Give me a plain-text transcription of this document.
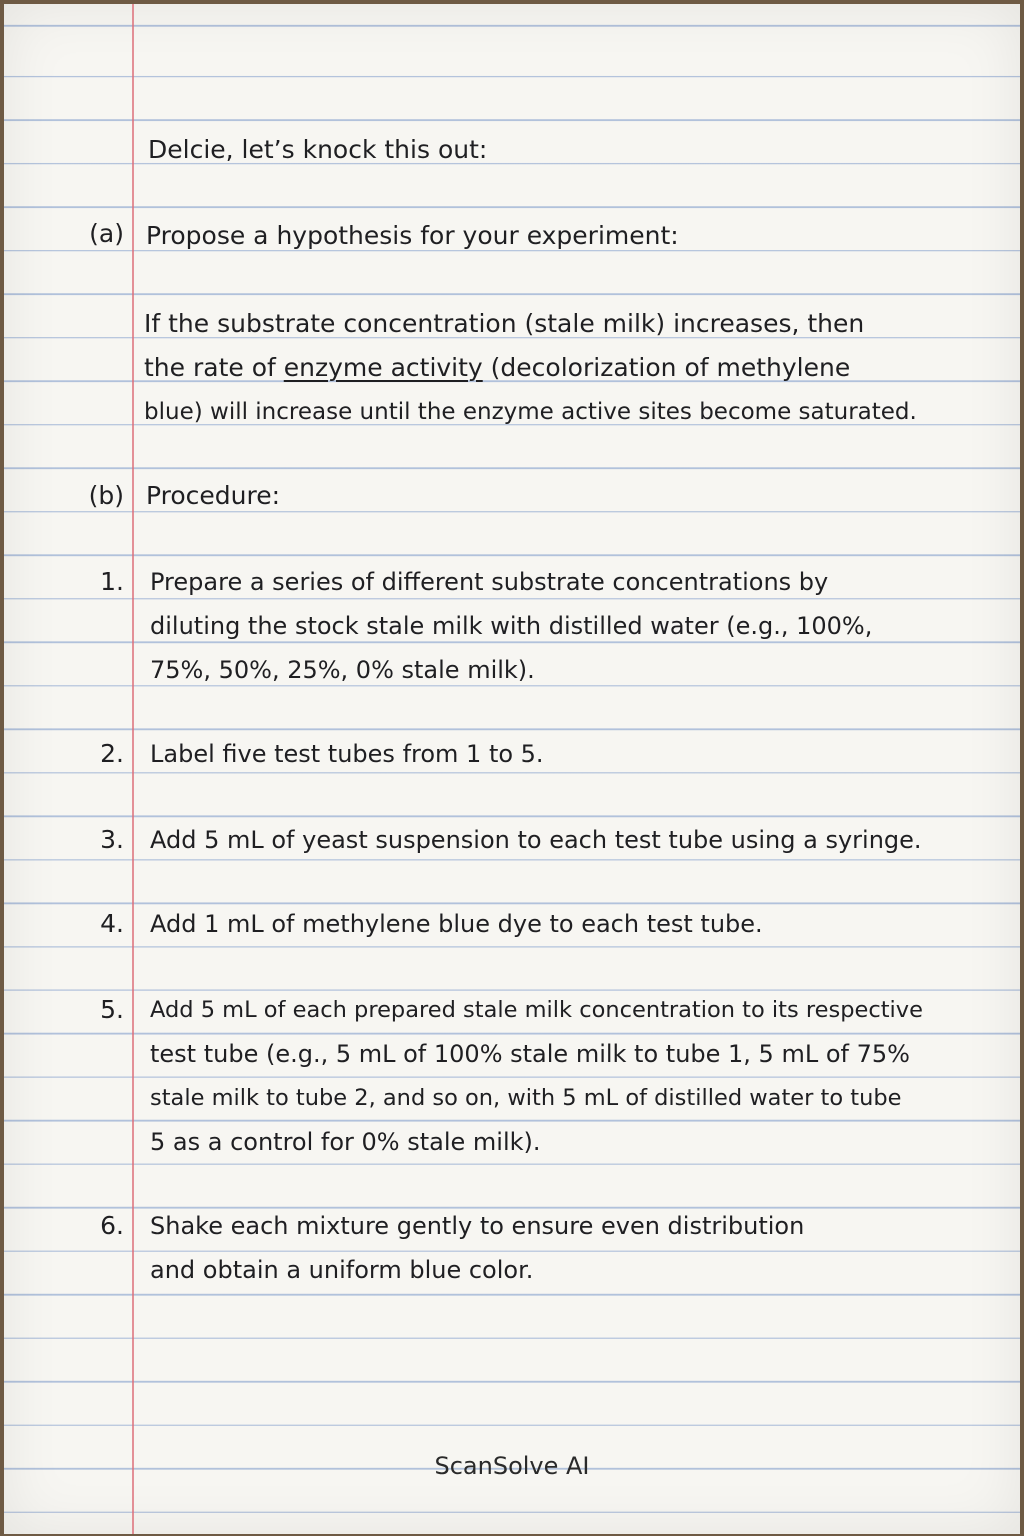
Delcie, let’s knock this out:
(a) Propose a hypothesis for your experiment:
If the substrate concentration (stale milk) increases, then
the rate of enzyme activity (decolorization of methylene
blue) will increase until the enzyme active sites become saturated.
(b) Procedure:
1. Prepare a series of different substrate concentrations by
diluting the stock stale milk with distilled water (e.g., 100%,
75%, 50%, 25%, 0% stale milk).
2. Label five test tubes from 1 to 5.
3. Add 5 mL of yeast suspension to each test tube using a syringe.
4. Add 1 mL of methylene blue dye to each test tube.
5. Add 5 mL of each prepared stale milk concentration to its respective
test tube (e.g., 5 mL of 100% stale milk to tube 1, 5 mL of 75%
stale milk to tube 2, and so on, with 5 mL of distilled water to tube
5 as a control for 0% stale milk).
6. Shake each mixture gently to ensure even distribution
and obtain a uniform blue color.
ScanSolve AI
